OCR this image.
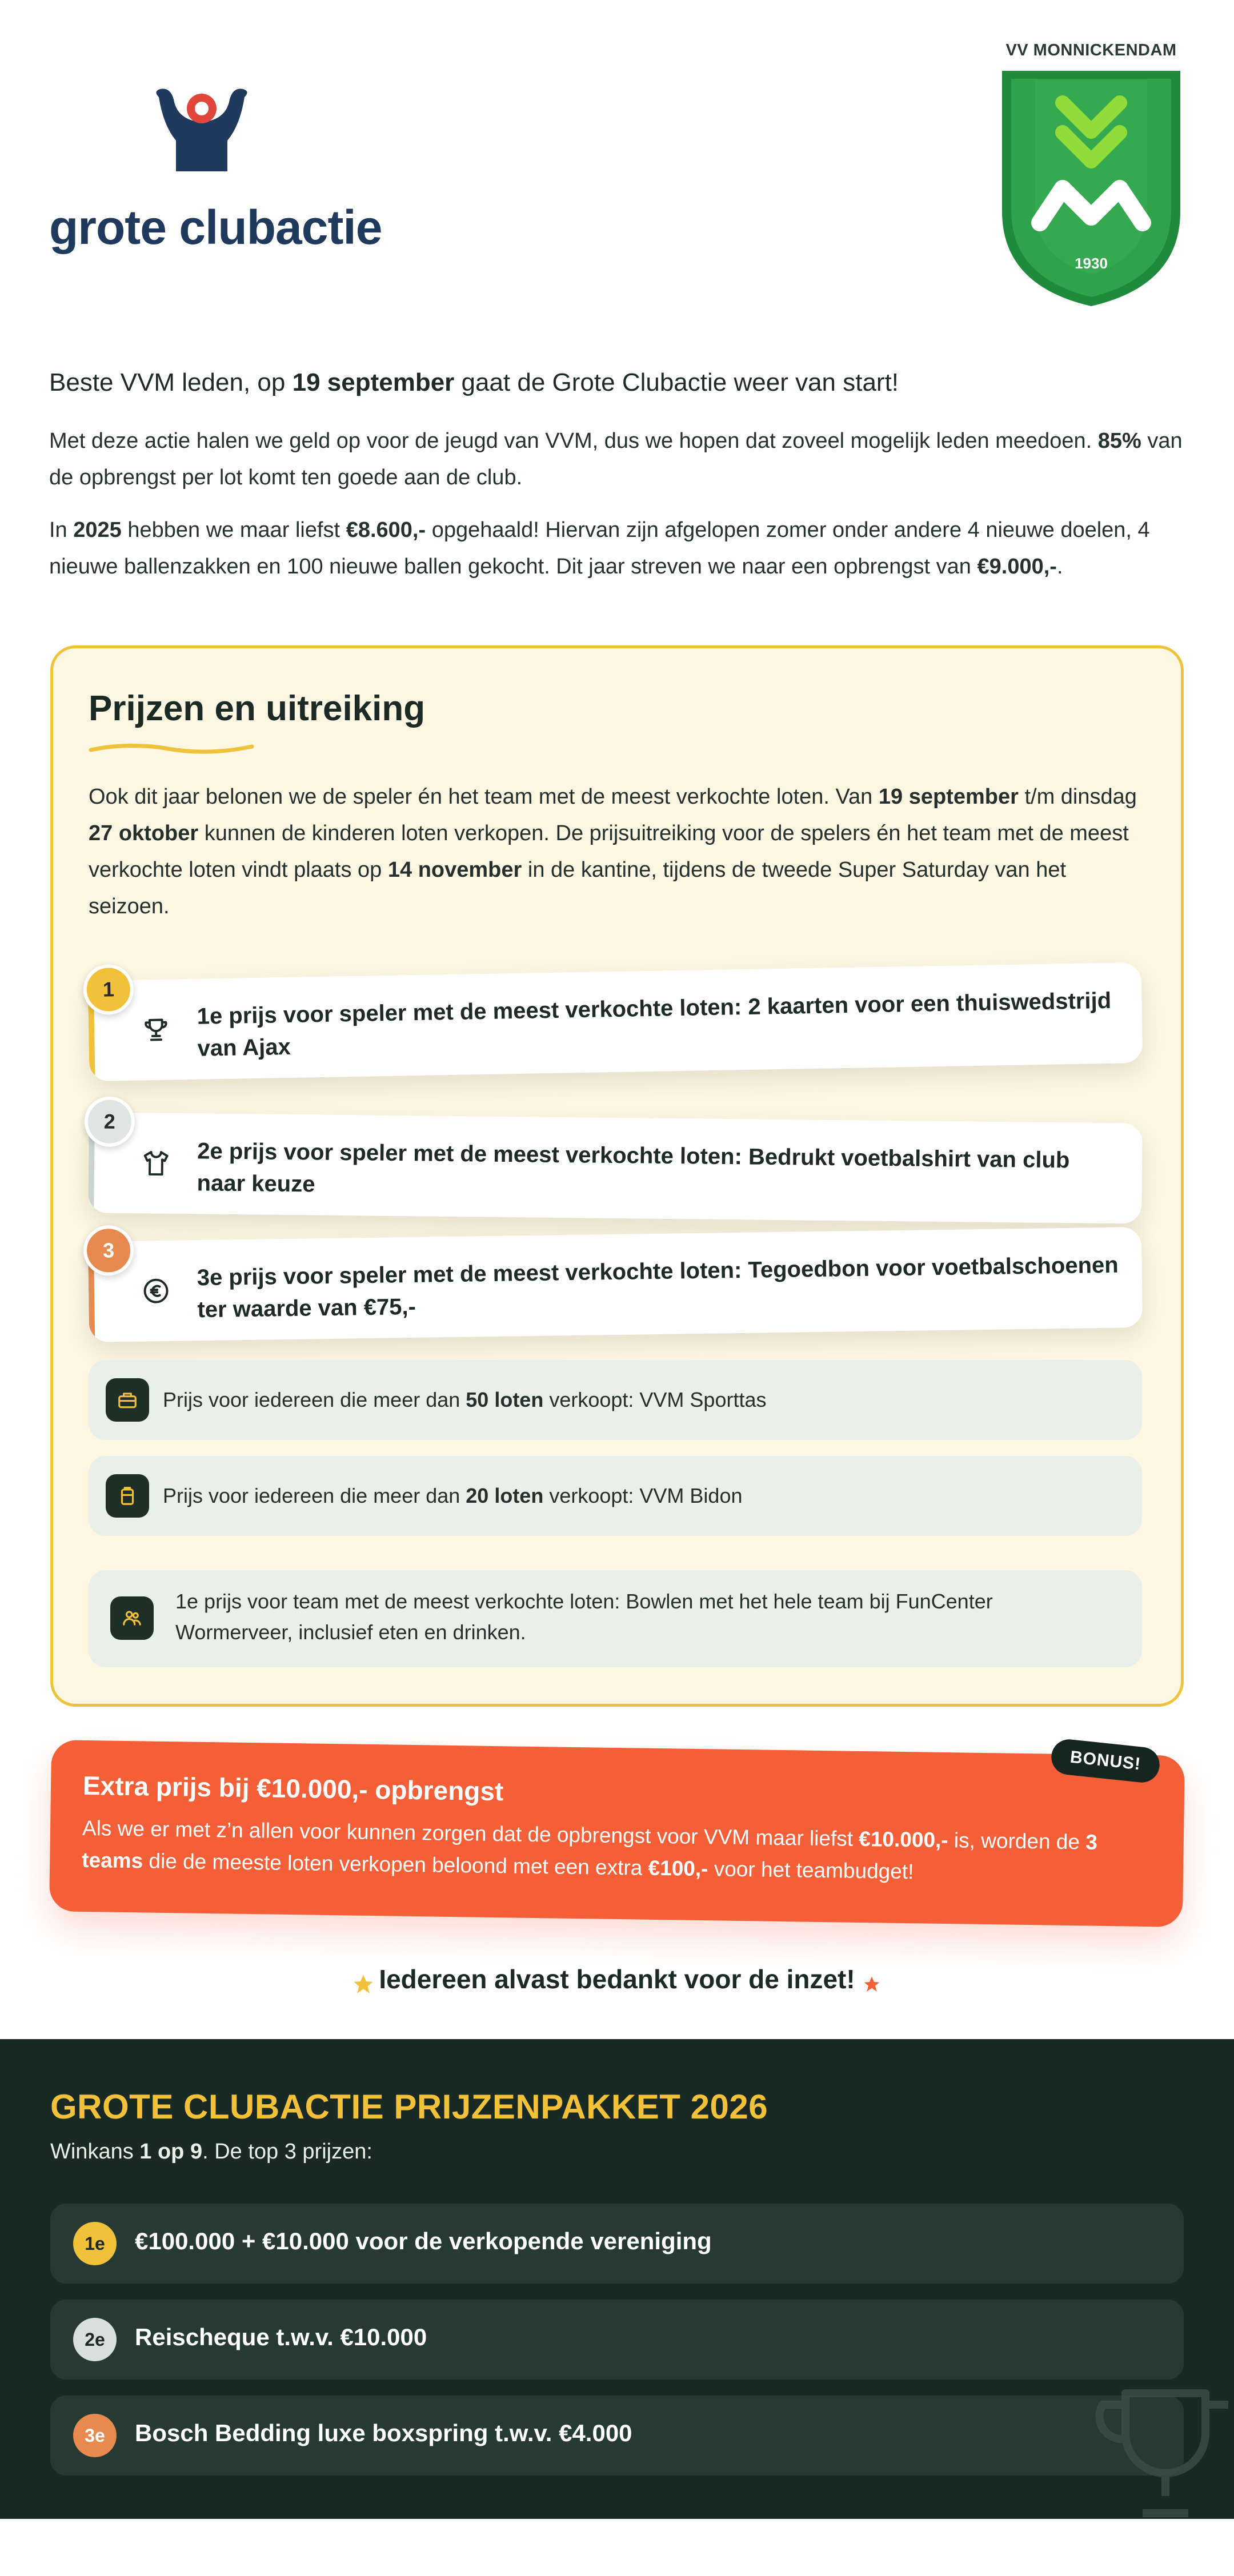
grote clubactie
VV MONNICKENDAM
1930

Beste VVM leden, op 19 september gaat de Grote Clubactie weer van start!

Met deze actie halen we geld op voor de jeugd van VVM, dus we hopen dat zoveel mogelijk leden meedoen. 85% van de opbrengst per lot komt ten goede aan de club.

In 2025 hebben we maar liefst €8.600,- opgehaald! Hiervan zijn afgelopen zomer onder andere 4 nieuwe doelen, 4 nieuwe ballenzakken en 100 nieuwe ballen gekocht. Dit jaar streven we naar een opbrengst van €9.000,-.

Prijzen en uitreiking

Ook dit jaar belonen we de speler én het team met de meest verkochte loten. Van 19 september t/m dinsdag 27 oktober kunnen de kinderen loten verkopen. De prijsuitreiking voor de spelers én het team met de meest verkochte loten vindt plaats op 14 november in de kantine, tijdens de tweede Super Saturday van het seizoen.

1	1e prijs voor speler met de meest verkochte loten: 2 kaarten voor een thuiswedstrijd van Ajax
2
2e prijs voor speler met de meest verkochte loten: Bedrukt voetbalshirt van club naar keuze
3
3e prijs voor speler met de meest verkochte loten: Tegoedbon voor voetbalschoenen ter waarde van €75,-
Prijs voor iedereen die meer dan 50 loten verkoopt: VVM Sporttas
Prijs voor iedereen die meer dan 20 loten verkoopt: VVM Bidon
1e prijs voor team met de meest verkochte loten: Bowlen met het hele team bij FunCenter Wormerveer, inclusief eten en drinken.
Extra prijs bij €10.000,- opbrengst

Als we er met z’n allen voor kunnen zorgen dat de opbrengst voor VVM maar liefst €10.000,- is, worden de 3 teams die de meeste loten verkopen beloond met een extra €100,- voor het teambudget!

BONUS!
Iedereen alvast bedankt voor de inzet!
GROTE CLUBACTIE PRIJZENPAKKET 2026
Winkans 1 op 9. De top 3 prijzen:
1e	€100.000 + €10.000 voor de verkopende vereniging
2e	Reischeque t.w.v. €10.000
3e	Bosch Bedding luxe boxspring t.w.v. €4.000
